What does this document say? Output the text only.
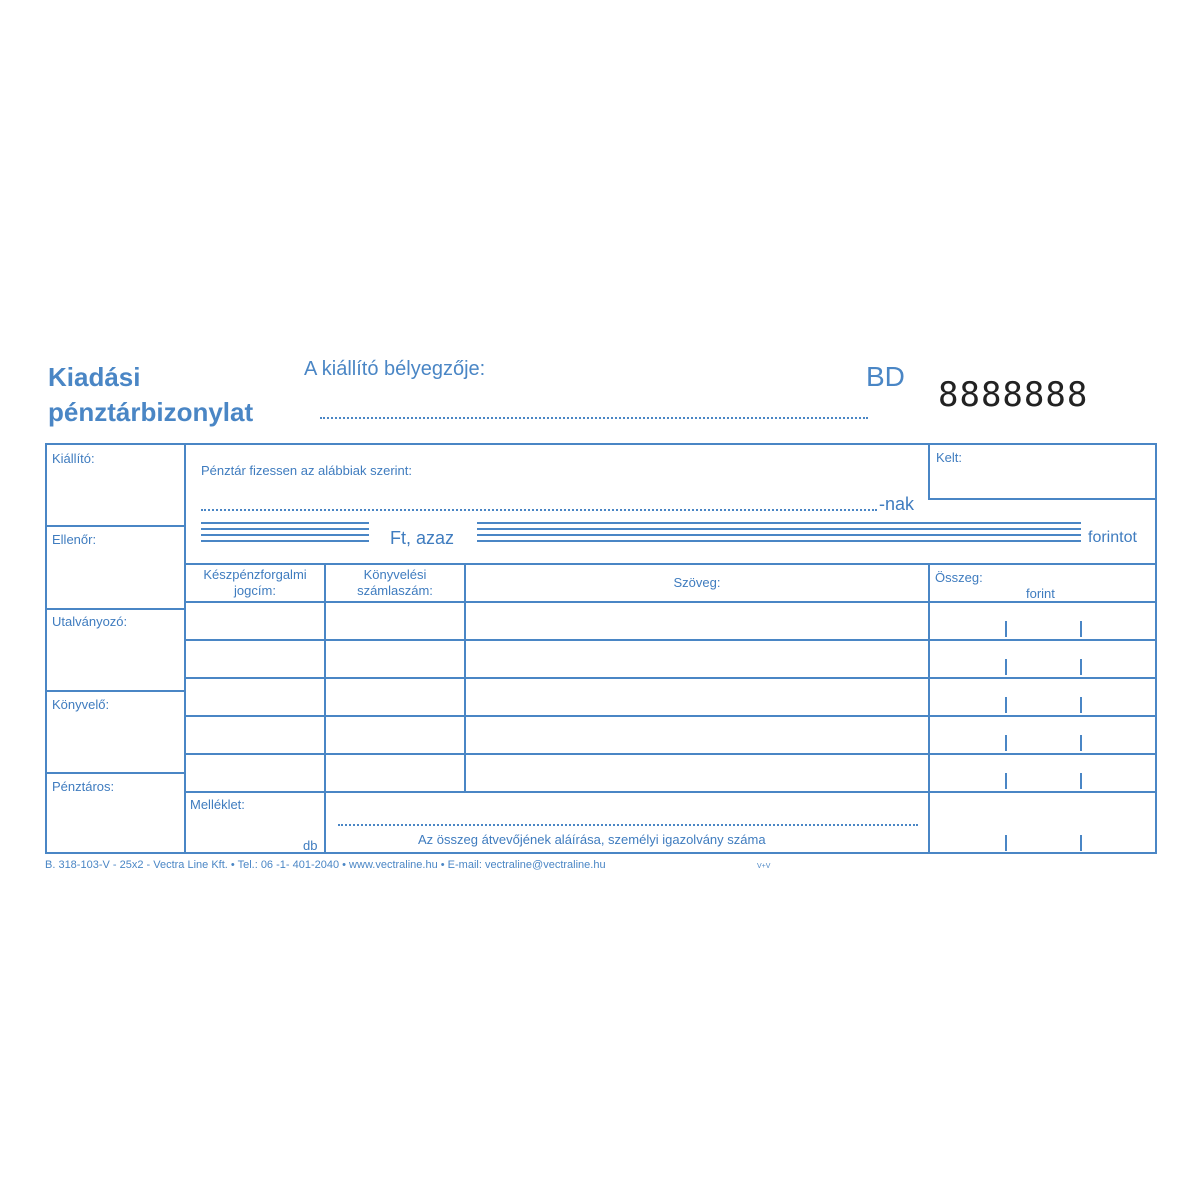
Kiadási
pénztárbizonylat
A kiállító bélyegzője:	BD 8888888
Kiállító:
Ellenőr:
Utalványozó:
Könyvelő:
Pénztáros:
Pénztár fizessen az alábbiak szerint:
-nak
Kelt:
Ft, azaz	forintot
Készpénzforgalmi
jogcím:
Könyvelési
számlaszám:
Szöveg:	Összeg:
forint
Melléklet:
db	Az összeg átvevőjének aláírása, személyi igazolvány száma
B. 318-103-V - 25x2 - Vectra Line Kft. • Tel.: 06 -1- 401-2040 • www.vectraline.hu • E-mail: vectraline@vectraline.hu	V+V
